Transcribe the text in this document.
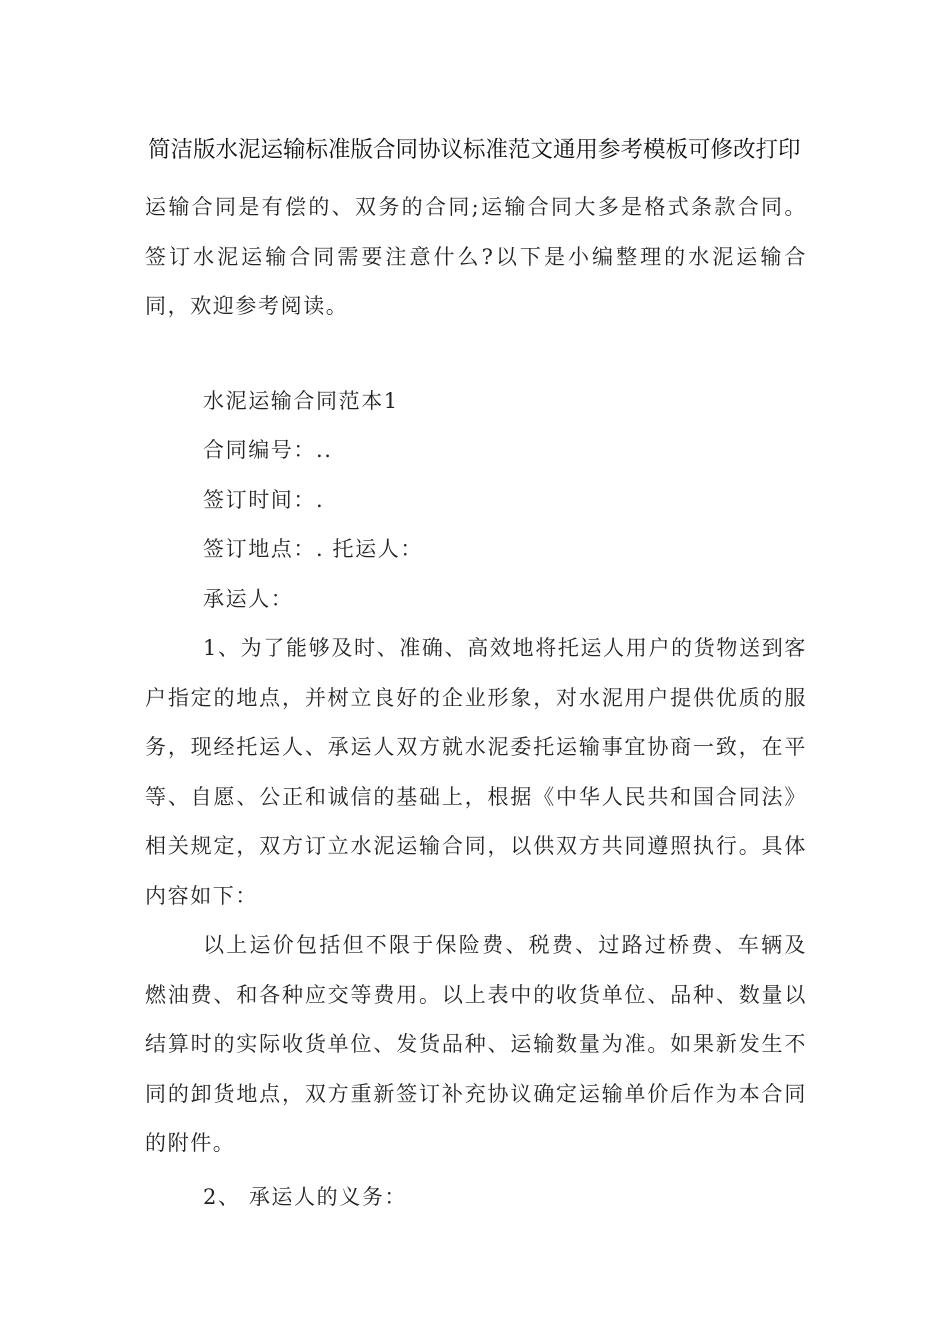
简洁版水泥运输标准版合同协议标准范文通用参考模板可修改打印

运输合同是有偿的、双务的合同;运输合同大多是格式条款合同。签订水泥运输合同需要注意什么?以下是小编整理的水泥运输合同，欢迎参考阅读。

水泥运输合同范本1

合同编号：..

签订时间：.

签订地点：. 托运人：

承运人：

1、为了能够及时、准确、高效地将托运人用户的货物送到客户指定的地点，并树立良好的企业形象，对水泥用户提供优质的服务，现经托运人、承运人双方就水泥委托运输事宜协商一致，在平等、自愿、公正和诚信的基础上，根据《中华人民共和国合同法》相关规定，双方订立水泥运输合同，以供双方共同遵照执行。具体内容如下：

以上运价包括但不限于保险费、税费、过路过桥费、车辆及燃油费、和各种应交等费用。以上表中的收货单位、品种、数量以结算时的实际收货单位、发货品种、运输数量为准。如果新发生不同的卸货地点，双方重新签订补充协议确定运输单价后作为本合同的附件。

2、 承运人的义务：
